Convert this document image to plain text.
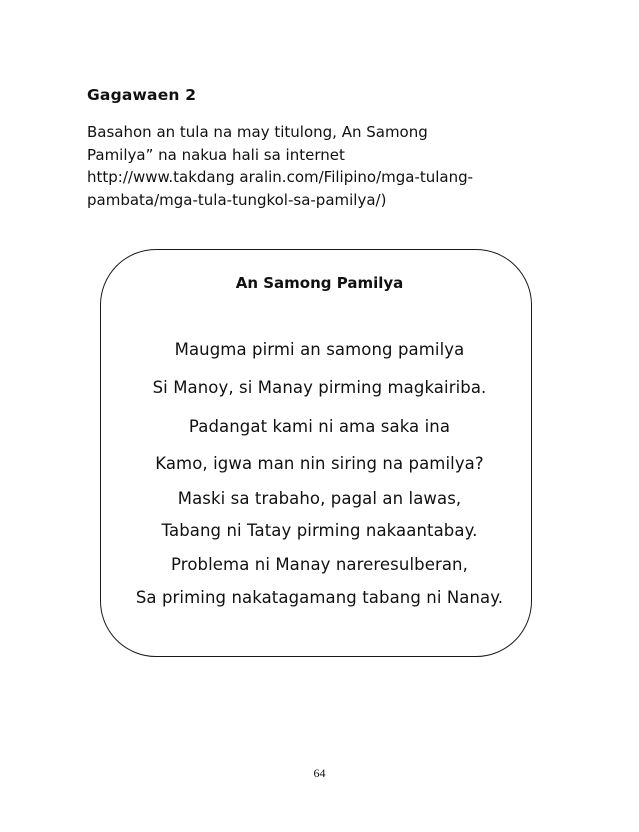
Gagawaen 2
Basahon an tula na may titulong, An Samong
Pamilya” na nakua hali sa internet
http://www.takdang aralin.com/Filipino/mga-tulang-
pambata/mga-tula-tungkol-sa-pamilya/)
An Samong Pamilya
Maugma pirmi an samong pamilya
Si Manoy, si Manay pirming magkairiba.
Padangat kami ni ama saka ina
Kamo, igwa man nin siring na pamilya?
Maski sa trabaho, pagal an lawas,
Tabang ni Tatay pirming nakaantabay.
Problema ni Manay nareresulberan,
Sa priming nakatagamang tabang ni Nanay.
64
